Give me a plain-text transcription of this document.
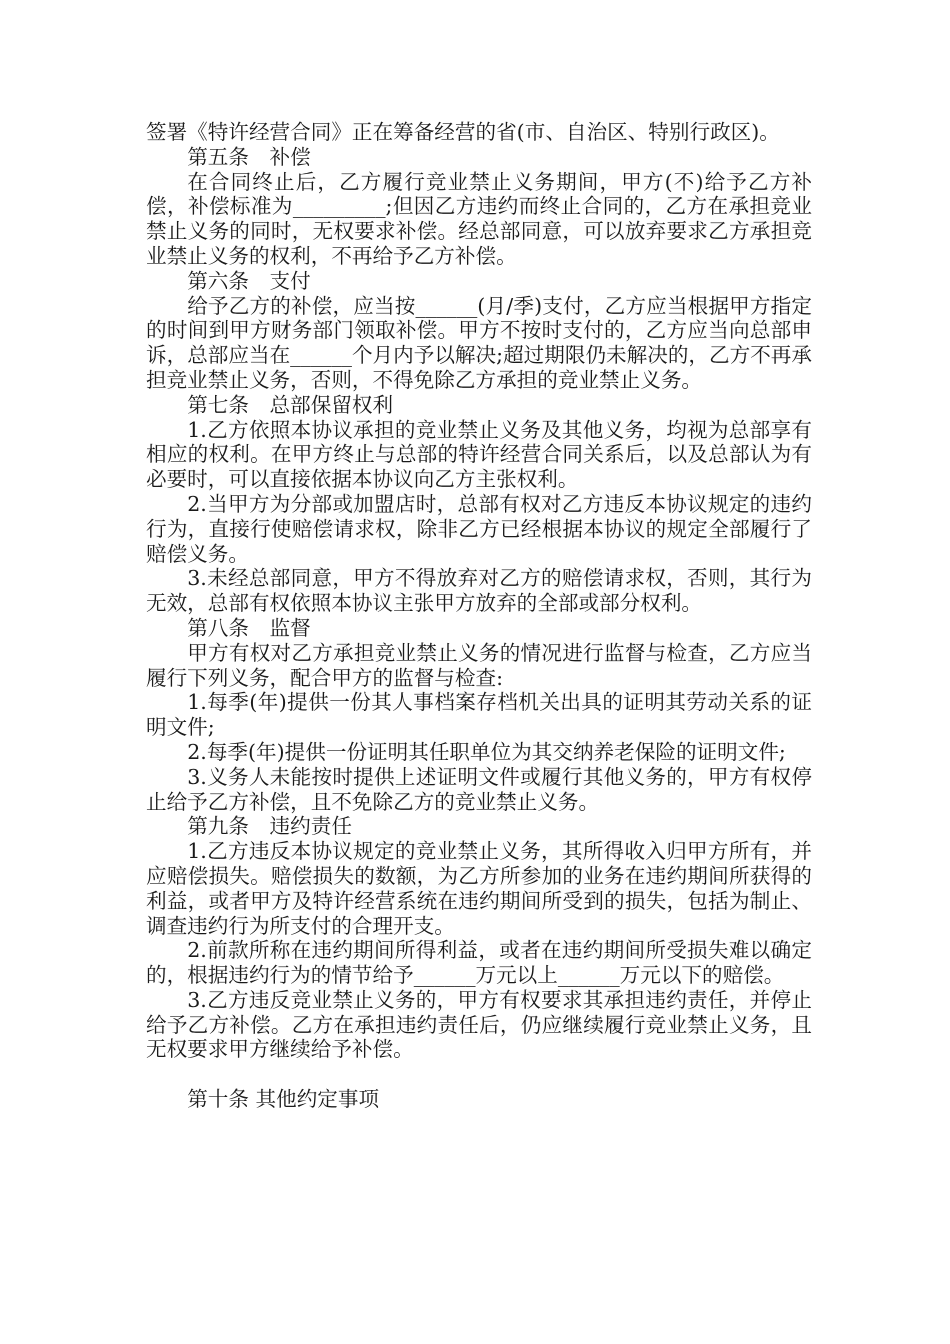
签署《特许经营合同》正在筹备经营的省(市、自治区、特别行政区)。

第五条　补偿

在合同终止后，乙方履行竞业禁止义务期间，甲方(不)给予乙方补偿，补偿标准为_________;但因乙方违约而终止合同的，乙方在承担竞业禁止义务的同时，无权要求补偿。经总部同意，可以放弃要求乙方承担竞业禁止义务的权利，不再给予乙方补偿。

第六条　支付

给予乙方的补偿，应当按______(月/季)支付，乙方应当根据甲方指定的时间到甲方财务部门领取补偿。甲方不按时支付的，乙方应当向总部申诉，总部应当在______个月内予以解决;超过期限仍未解决的，乙方不再承担竞业禁止义务，否则，不得免除乙方承担的竞业禁止义务。

第七条　总部保留权利

1.乙方依照本协议承担的竞业禁止义务及其他义务，均视为总部享有相应的权利。在甲方终止与总部的特许经营合同关系后，以及总部认为有必要时，可以直接依据本协议向乙方主张权利。

2.当甲方为分部或加盟店时，总部有权对乙方违反本协议规定的违约行为，直接行使赔偿请求权，除非乙方已经根据本协议的规定全部履行了赔偿义务。

3.未经总部同意，甲方不得放弃对乙方的赔偿请求权，否则，其行为无效，总部有权依照本协议主张甲方放弃的全部或部分权利。

第八条　监督

甲方有权对乙方承担竞业禁止义务的情况进行监督与检查，乙方应当履行下列义务，配合甲方的监督与检查:

1.每季(年)提供一份其人事档案存档机关出具的证明其劳动关系的证明文件;

2.每季(年)提供一份证明其任职单位为其交纳养老保险的证明文件;

3.义务人未能按时提供上述证明文件或履行其他义务的，甲方有权停止给予乙方补偿，且不免除乙方的竞业禁止义务。

第九条　违约责任

1.乙方违反本协议规定的竞业禁止义务，其所得收入归甲方所有，并应赔偿损失。赔偿损失的数额，为乙方所参加的业务在违约期间所获得的利益，或者甲方及特许经营系统在违约期间所受到的损失，包括为制止、调查违约行为所支付的合理开支。

2.前款所称在违约期间所得利益，或者在违约期间所受损失难以确定的，根据违约行为的情节给予______万元以上______万元以下的赔偿。

3.乙方违反竞业禁止义务的，甲方有权要求其承担违约责任，并停止给予乙方补偿。乙方在承担违约责任后，仍应继续履行竞业禁止义务，且无权要求甲方继续给予补偿。

第十条 其他约定事项
